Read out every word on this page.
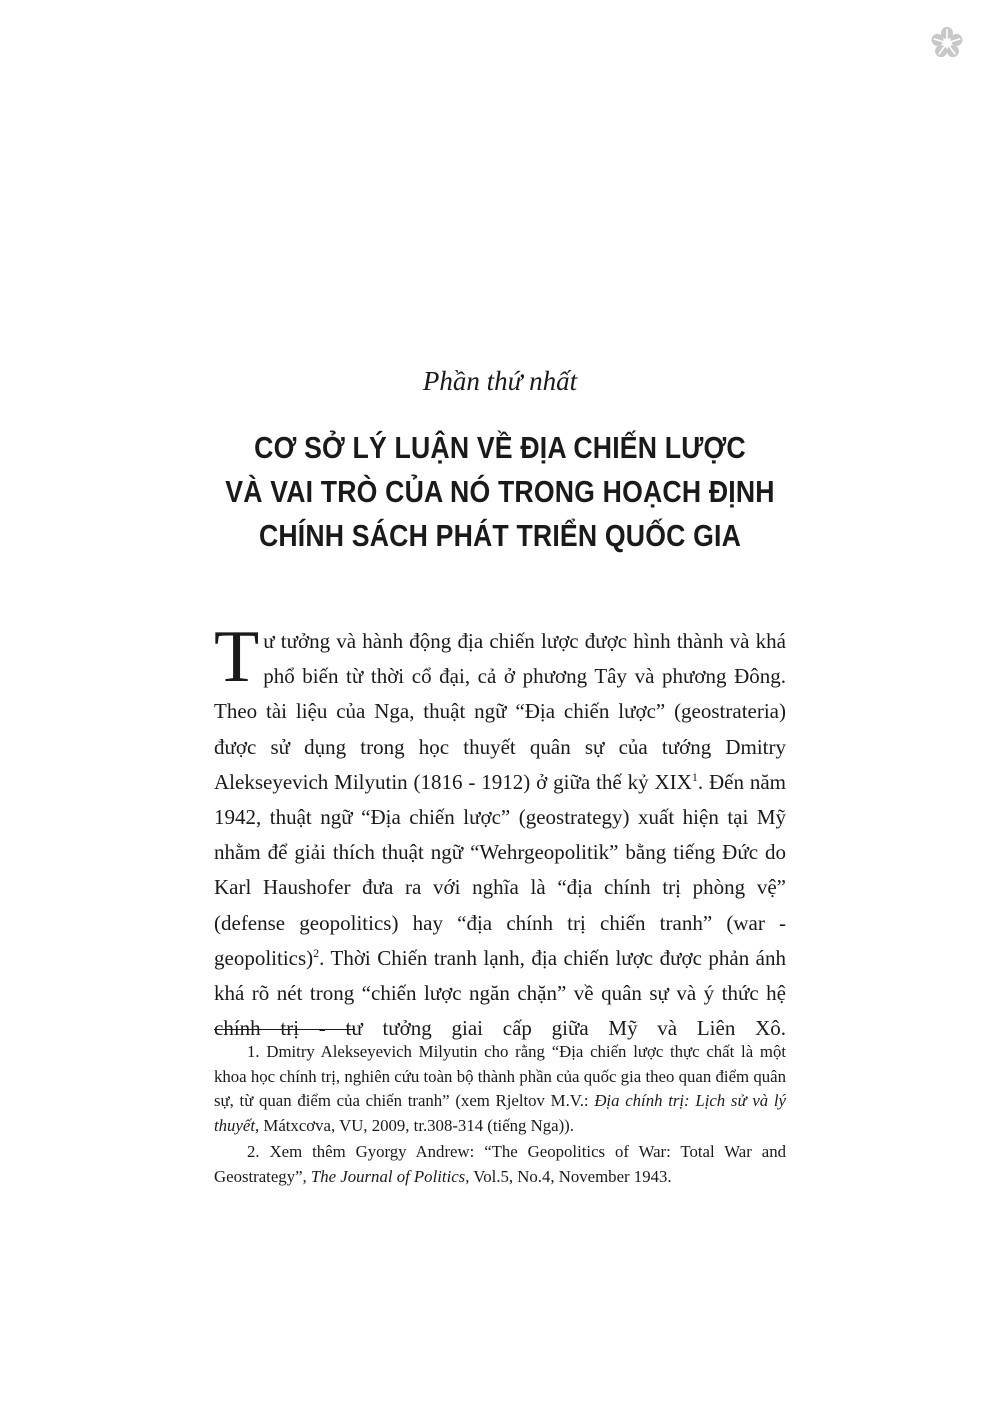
Phần thứ nhất
CƠ SỞ LÝ LUẬN VỀ ĐỊA CHIẾN LƯỢC
VÀ VAI TRÒ CỦA NÓ TRONG HOẠCH ĐỊNH
CHÍNH SÁCH PHÁT TRIỂN QUỐC GIA

Tư tưởng và hành động địa chiến lược được hình thành và khá phổ biến từ thời cổ đại, cả ở phương Tây và phương Đông. Theo tài liệu của Nga, thuật ngữ “Địa chiến lược” (geostrateria) được sử dụng trong học thuyết quân sự của tướng Dmitry Alekseyevich Milyutin (1816 - 1912) ở giữa thế kỷ XIX$^1$. Đến năm 1942, thuật ngữ “Địa chiến lược” (geostrategy) xuất hiện tại Mỹ nhằm để giải thích thuật ngữ “Wehrgeopolitik” bằng tiếng Đức do Karl Haushofer đưa ra với nghĩa là “địa chính trị phòng vệ” (defense geopolitics) hay “địa chính trị chiến tranh” (war - geopolitics)$^2$. Thời Chiến tranh lạnh, địa chiến lược được phản ánh khá rõ nét trong “chiến lược ngăn chặn” về quân sự và ý thức hệ chính trị - tư tưởng giai cấp giữa Mỹ và Liên Xô.

1. Dmitry Alekseyevich Milyutin cho rằng “Địa chiến lược thực chất là một khoa học chính trị, nghiên cứu toàn bộ thành phần của quốc gia theo quan điểm quân sự, từ quan điểm của chiến tranh” (xem Rjeltov M.V.: Địa chính trị: Lịch sử và lý thuyết, Mátxcơva, VU, 2009, tr.308-314 (tiếng Nga)).

2. Xem thêm Gyorgy Andrew: “The Geopolitics of War: Total War and Geostrategy”, The Journal of Politics, Vol.5, No.4, November 1943.
